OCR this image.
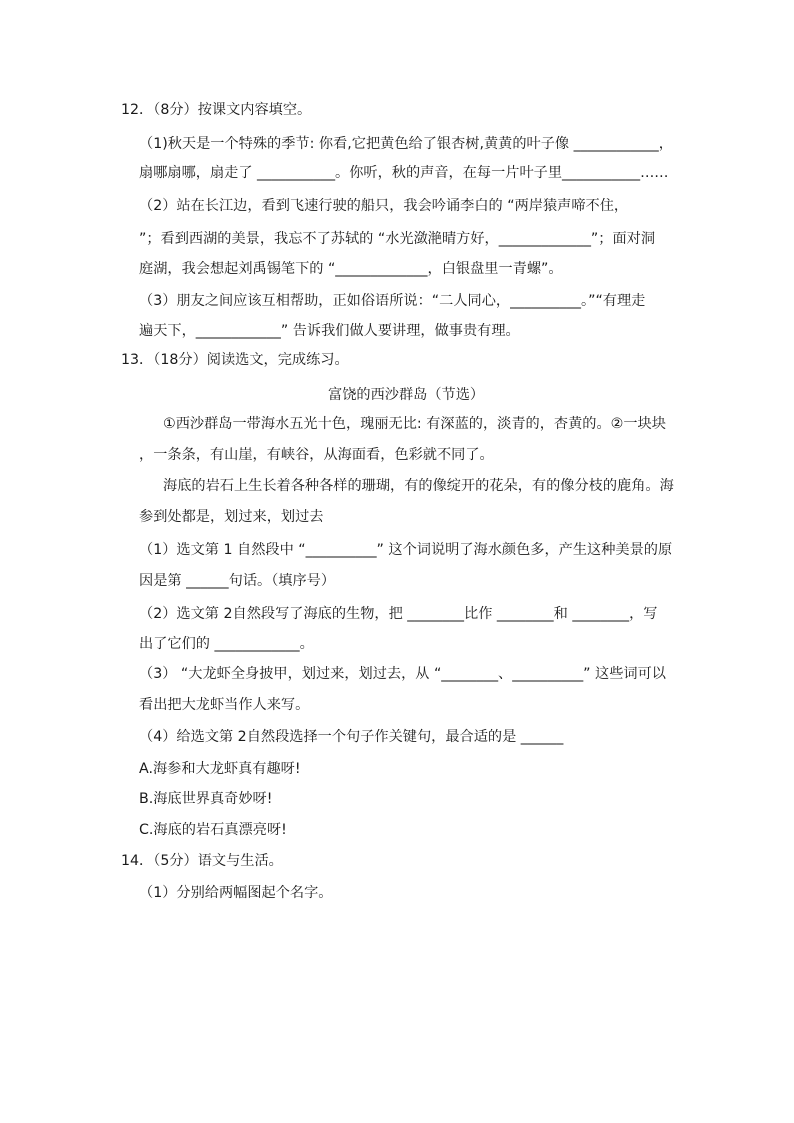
12．（8分）按课文内容填空。
（1)秋天是一个特殊的季节: 你看,它把黄色给了银杏树,黄黄的叶子像 ____________，
扇哪扇哪，扇走了 ___________。你听，秋的声音，在每一片叶子里___________……
（2）站在长江边，看到飞速行驶的船只，我会吟诵李白的 “两岸猿声啼不住，
”；看到西湖的美景，我忘不了苏轼的 “水光潋滟晴方好，_____________”；面对洞
庭湖，我会想起刘禹锡笔下的 “_____________，白银盘里一青螺”。
（3）朋友之间应该互相帮助，正如俗语所说：“二人同心，__________。”“有理走
遍天下，____________” 告诉我们做人要讲理，做事贵有理。
13．（18分）阅读选文，完成练习。
富饶的西沙群岛（节选）
①西沙群岛一带海水五光十色，瑰丽无比: 有深蓝的，淡青的，杏黄的。②一块块
，一条条，有山崖，有峡谷，从海面看，色彩就不同了。
海底的岩石上生长着各种各样的珊瑚，有的像绽开的花朵，有的像分枝的鹿角。海
参到处都是，划过来，划过去
（1）选文第 1 自然段中 “__________” 这个词说明了海水颜色多，产生这种美景的原
因是第 ______句话。（填序号）
（2）选文第 2自然段写了海底的生物，把 ________比作 ________和 ________，写
出了它们的 ____________。
（3） “大龙虾全身披甲，划过来，划过去，从 “________、__________” 这些词可以
看出把大龙虾当作人来写。
（4）给选文第 2自然段选择一个句子作关键句，最合适的是 ______
A.海参和大龙虾真有趣呀!
B.海底世界真奇妙呀!
C.海底的岩石真漂亮呀!
14．（5分）语文与生活。
（1）分别给两幅图起个名字。
